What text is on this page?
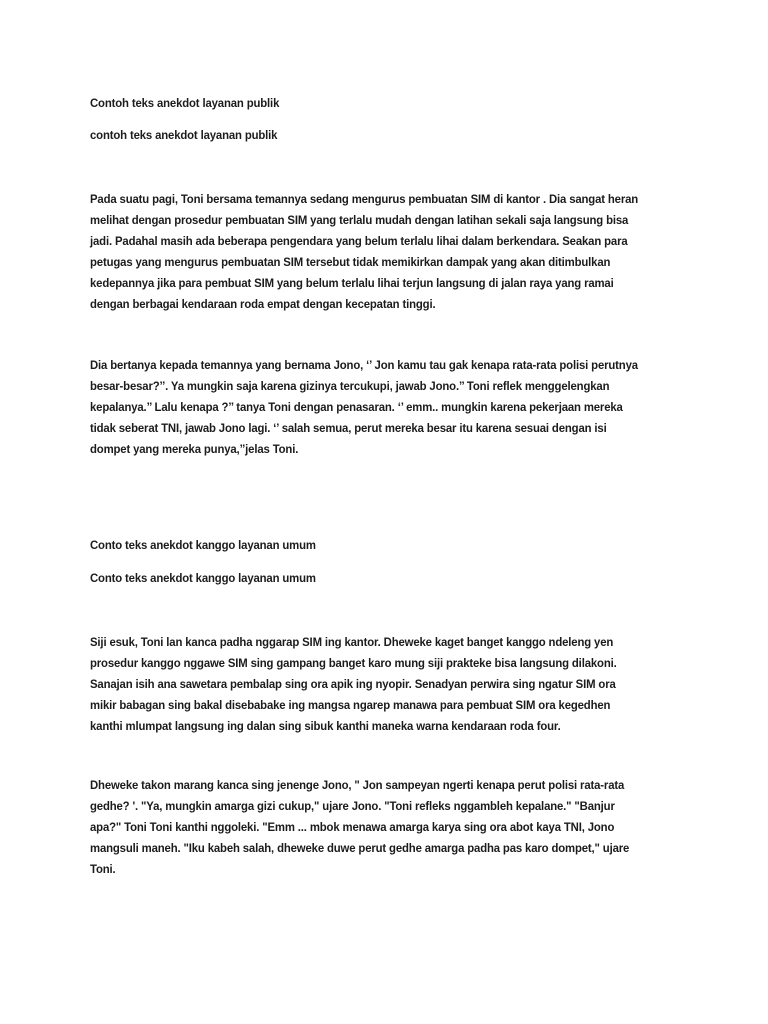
Contoh teks anekdot layanan publik

contoh teks anekdot layanan publik

Pada suatu pagi, Toni bersama temannya sedang mengurus pembuatan SIM di kantor . Dia sangat heran
melihat dengan prosedur pembuatan SIM yang terlalu mudah dengan latihan sekali saja langsung bisa
jadi. Padahal masih ada beberapa pengendara yang belum terlalu lihai dalam berkendara. Seakan para
petugas yang mengurus pembuatan SIM tersebut tidak memikirkan dampak yang akan ditimbulkan
kedepannya jika para pembuat SIM yang belum terlalu lihai terjun langsung di jalan raya yang ramai
dengan berbagai kendaraan roda empat dengan kecepatan tinggi.

Dia bertanya kepada temannya yang bernama Jono, ‘’ Jon kamu tau gak kenapa rata-rata polisi perutnya
besar-besar?’’. Ya mungkin saja karena gizinya tercukupi, jawab Jono.’’ Toni reflek menggelengkan
kepalanya.’’ Lalu kenapa ?’’ tanya Toni dengan penasaran. ‘’ emm.. mungkin karena pekerjaan mereka
tidak seberat TNI, jawab Jono lagi. ‘’ salah semua, perut mereka besar itu karena sesuai dengan isi
dompet yang mereka punya,’’jelas Toni.

Conto teks anekdot kanggo layanan umum

Conto teks anekdot kanggo layanan umum

Siji esuk, Toni lan kanca padha nggarap SIM ing kantor. Dheweke kaget banget kanggo ndeleng yen
prosedur kanggo nggawe SIM sing gampang banget karo mung siji prakteke bisa langsung dilakoni.
Sanajan isih ana sawetara pembalap sing ora apik ing nyopir. Senadyan perwira sing ngatur SIM ora
mikir babagan sing bakal disebabake ing mangsa ngarep manawa para pembuat SIM ora kegedhen
kanthi mlumpat langsung ing dalan sing sibuk kanthi maneka warna kendaraan roda four.

Dheweke takon marang kanca sing jenenge Jono, " Jon sampeyan ngerti kenapa perut polisi rata-rata
gedhe? '. "Ya, mungkin amarga gizi cukup," ujare Jono. "Toni refleks nggambleh kepalane." "Banjur
apa?" Toni Toni kanthi nggoleki. "Emm ... mbok menawa amarga karya sing ora abot kaya TNI, Jono
mangsuli maneh. "Iku kabeh salah, dheweke duwe perut gedhe amarga padha pas karo dompet," ujare
Toni.
